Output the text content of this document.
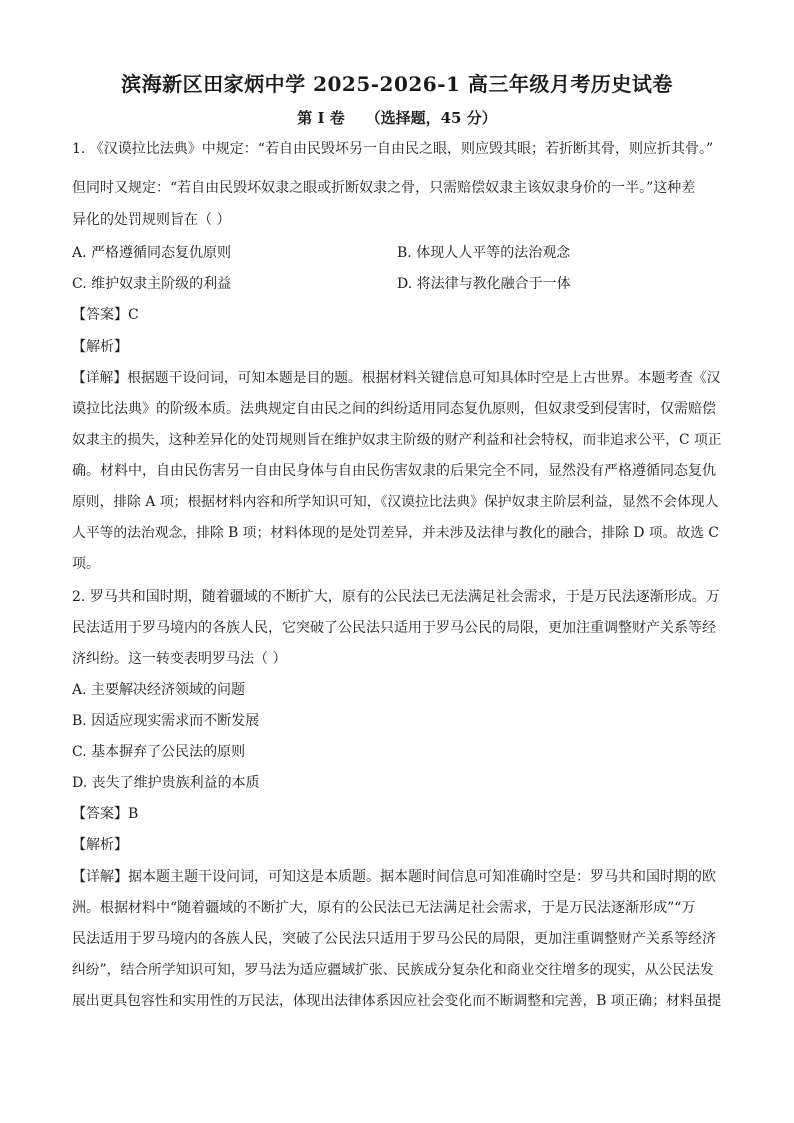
滨海新区田家炳中学 2025-2026-1 高三年级月考历史试卷
第 I 卷    （选择题，45 分）
1. 《汉谟拉比法典》中规定：“若自由民毁坏另一自由民之眼，则应毁其眼；若折断其骨，则应折其骨。”
但同时又规定：“若自由民毁坏奴隶之眼或折断奴隶之骨，只需赔偿奴隶主该奴隶身价的一半。”这种差
异化的处罚规则旨在（ ）
A. 严格遵循同态复仇原则	B. 体现人人平等的法治观念
C. 维护奴隶主阶级的利益	D. 将法律与教化融合于一体
【答案】C
【解析】
【详解】根据题干设问词，可知本题是目的题。根据材料关键信息可知具体时空是上古世界。本题考查《汉
谟拉比法典》的阶级本质。法典规定自由民之间的纠纷适用同态复仇原则，但奴隶受到侵害时，仅需赔偿
奴隶主的损失，这种差异化的处罚规则旨在维护奴隶主阶级的财产利益和社会特权，而非追求公平，C 项正
确。材料中，自由民伤害另一自由民身体与自由民伤害奴隶的后果完全不同，显然没有严格遵循同态复仇
原则，排除 A 项；根据材料内容和所学知识可知，《汉谟拉比法典》保护奴隶主阶层利益，显然不会体现人
人平等的法治观念，排除 B 项；材料体现的是处罚差异，并未涉及法律与教化的融合，排除 D 项。故选 C
项。
2. 罗马共和国时期，随着疆域的不断扩大，原有的公民法已无法满足社会需求，于是万民法逐渐形成。万
民法适用于罗马境内的各族人民，它突破了公民法只适用于罗马公民的局限，更加注重调整财产关系等经
济纠纷。这一转变表明罗马法（ ）
A. 主要解决经济领域的问题
B. 因适应现实需求而不断发展
C. 基本摒弃了公民法的原则
D. 丧失了维护贵族利益的本质
【答案】B
【解析】
【详解】据本题主题干设问词，可知这是本质题。据本题时间信息可知准确时空是：罗马共和国时期的欧
洲。根据材料中“随着疆域的不断扩大，原有的公民法已无法满足社会需求，于是万民法逐渐形成”“万
民法适用于罗马境内的各族人民，突破了公民法只适用于罗马公民的局限，更加注重调整财产关系等经济
纠纷”，结合所学知识可知，罗马法为适应疆域扩张、民族成分复杂化和商业交往增多的现实，从公民法发
展出更具包容性和实用性的万民法，体现出法律体系因应社会变化而不断调整和完善，B 项正确；材料虽提
